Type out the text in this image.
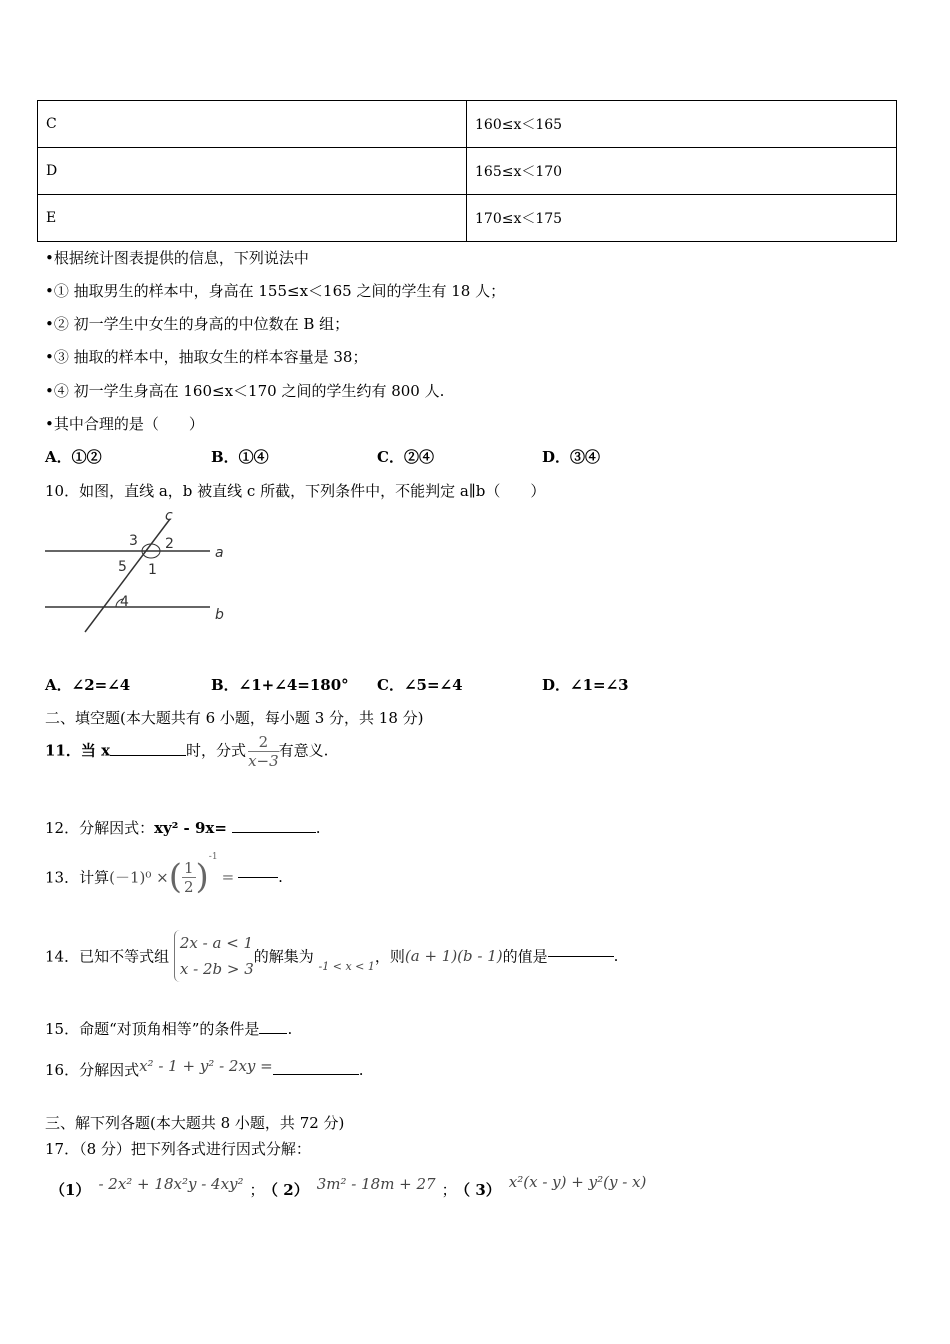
C	160≤x＜165
D	165≤x＜170
E	170≤x＜175
•根据统计图表提供的信息，下列说法中
•① 抽取男生的样本中，身高在 155≤x＜165 之间的学生有 18 人；
•② 初一学生中女生的身高的中位数在 B 组；
•③ 抽取的样本中，抽取女生的样本容量是 38；
•④ 初一学生身高在 160≤x＜170 之间的学生约有 800 人.
•其中合理的是（　　）
A．①②	B．①④	C．②④	D．③④
10．如图，直线 a，b 被直线 c 所截，下列条件中，不能判定 a∥b（　　）
c
a
b
3 2
5 1
4
A．∠2=∠4	B．∠1+∠4=180° C．∠5=∠4	D．∠1=∠3
二、填空题(本大题共有 6 小题，每小题 3 分，共 18 分)
11．当 x	时，分式 $\frac{2}{x-3}$ 有意义.
12．分解因式：xy² - 9x=	.
13．计算(－1)⁰ ×( $\frac{1}{2} )^{-1}=$	.
14．已知不等式组
2x - a < 1
x - 2b > 3
的解集为 $_{-1 < x < 1}$，则(a + 1)(b - 1)的值是	.
15．命题“对顶角相等”的条件是 .
16．分解因式x² - 1 + y² - 2xy =	.
三、解下列各题(本大题共 8 小题，共 72 分)
17．（8 分）把下列各式进行因式分解：
（1） - 2x² + 18x²y - 4xy² ； （ 2） 3m² - 18m + 27 ； （ 3） x²(x - y) + y²(y - x)
